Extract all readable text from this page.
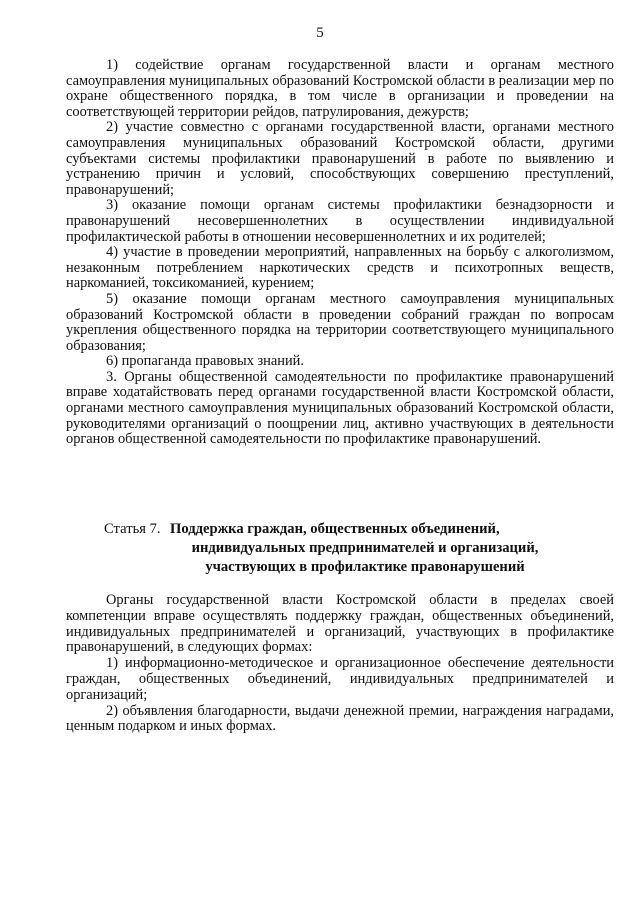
5

1) содействие органам государственной власти и органам местного самоуправления муниципальных образований Костромской области в реализации мер по охране общественного порядка, в том числе в организации и проведении на соответствующей территории рейдов, патрулирования, дежурств;

2) участие совместно с органами государственной власти, органами местного самоуправления муниципальных образований Костромской области, другими субъектами системы профилактики правонарушений в работе по выявлению и устранению причин и условий, способствующих совершению преступлений, правонарушений;

3) оказание помощи органам системы профилактики безнадзорности и правонарушений несовершеннолетних в осуществлении индивидуальной профилактической работы в отношении несовершеннолетних и их родителей;

4) участие в проведении мероприятий, направленных на борьбу с алкоголизмом, незаконным потреблением наркотических средств и психотропных веществ, наркоманией, токсикоманией, курением;

5) оказание помощи органам местного самоуправления муниципальных образований Костромской области в проведении собраний граждан по вопросам укрепления общественного порядка на территории соответствующего муниципального образования;

6) пропаганда правовых знаний.

3. Органы общественной самодеятельности по профилактике правонарушений вправе ходатайствовать перед органами государственной власти Костромской области, органами местного самоуправления муниципальных образований Костромской области, руководителями организаций о поощрении лиц, активно участвующих в деятельности органов общественной самодеятельности по профилактике правонарушений.

Статья 7. Поддержка граждан, общественных объединений,
индивидуальных предпринимателей и организаций,
участвующих в профилактике правонарушений

Органы государственной власти Костромской области в пределах своей компетенции вправе осуществлять поддержку граждан, общественных объединений, индивидуальных предпринимателей и организаций, участвующих в профилактике правонарушений, в следующих формах:

1) информационно-методическое и организационное обеспечение деятельности граждан, общественных объединений, индивидуальных предпринимателей и организаций;

2) объявления благодарности, выдачи денежной премии, награждения наградами, ценным подарком и иных формах.
